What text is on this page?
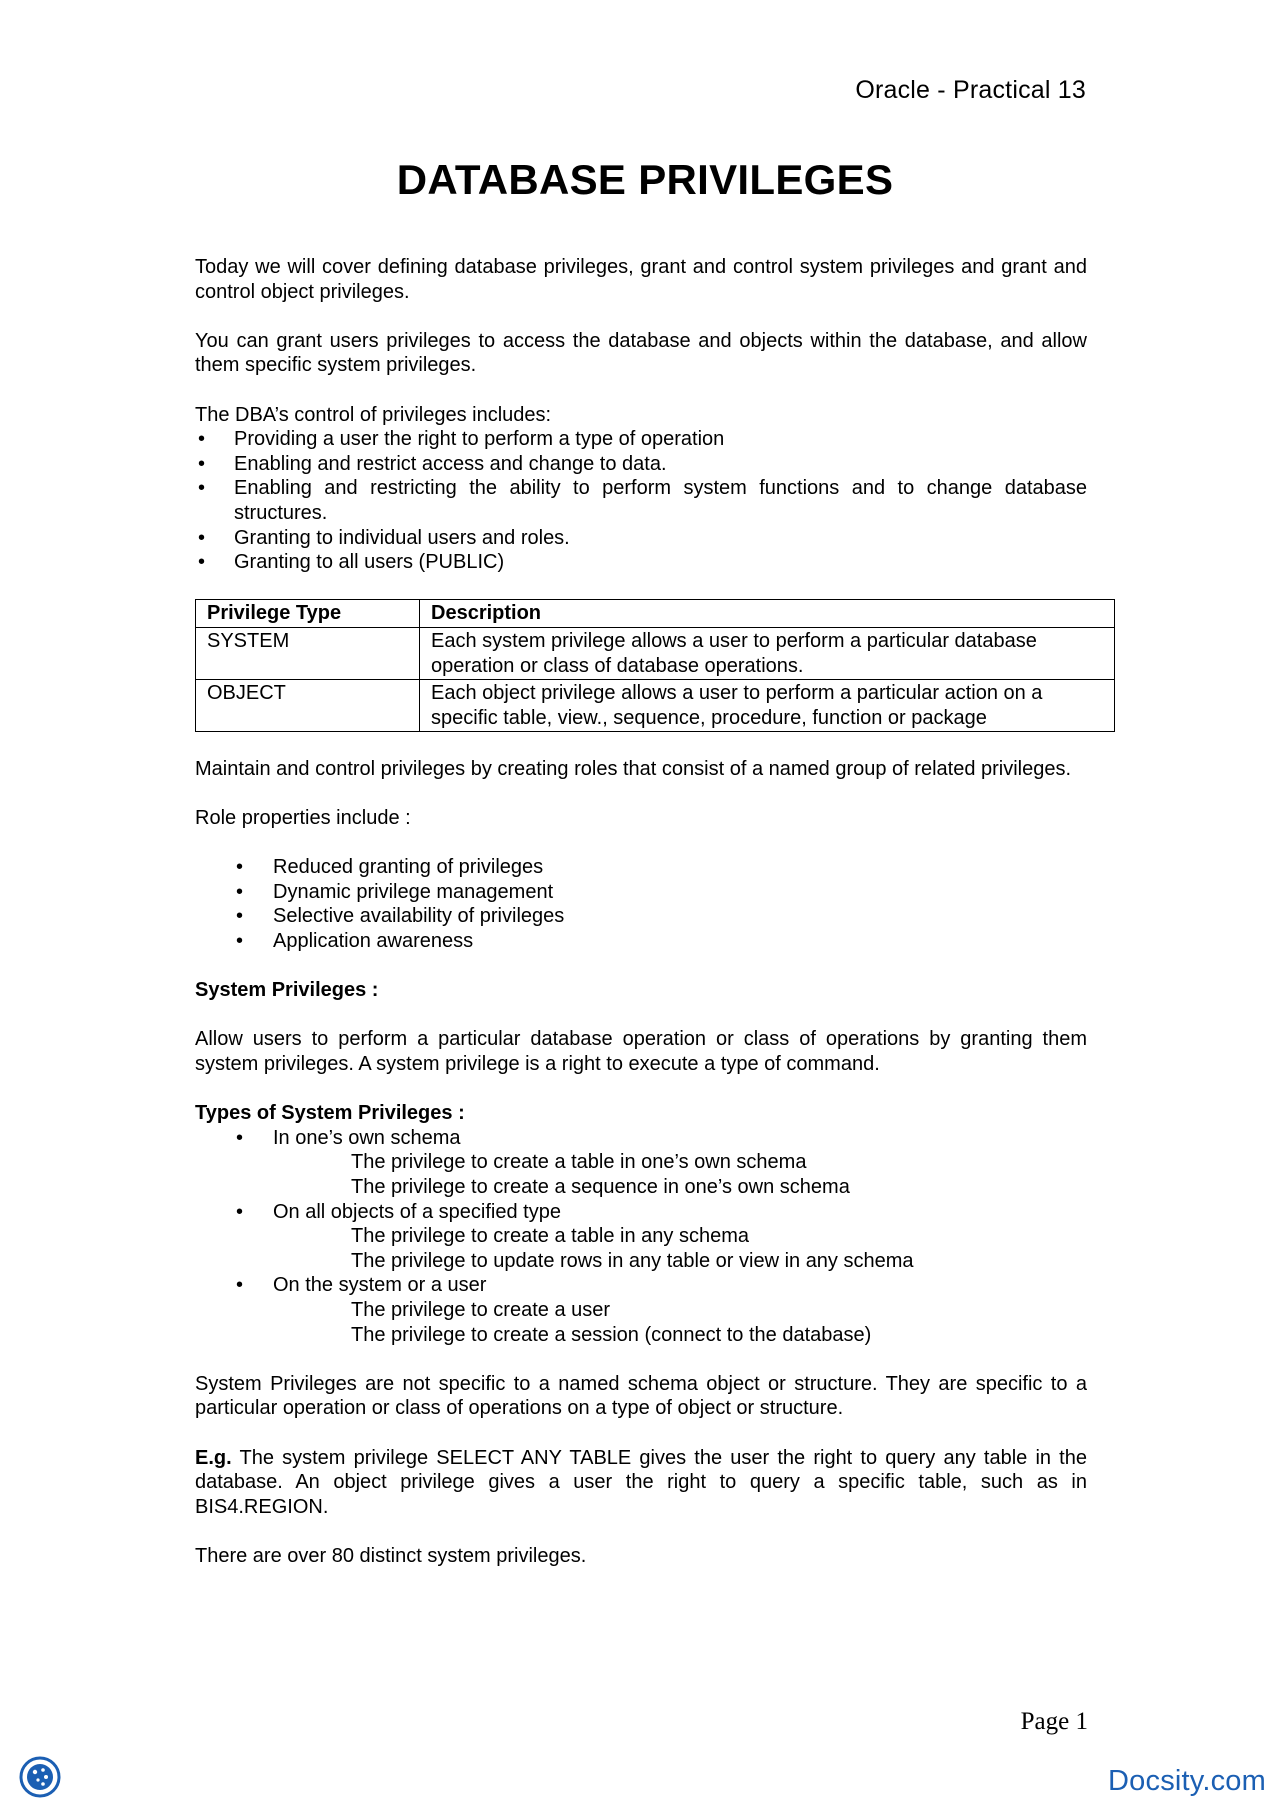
Oracle - Practical 13
DATABASE PRIVILEGES

Today we will cover defining database privileges, grant and control system privileges and grant and control object privileges.

You can grant users privileges to access the database and objects within the database, and allow them specific system privileges.

The DBA’s control of privileges includes:

• Providing a user the right to perform a type of operation
• Enabling and restrict access and change to data.
• Enabling and restricting the ability to perform system functions and to change database structures.
• Granting to individual users and roles.
• Granting to all users (PUBLIC)
Privilege Type	Description
SYSTEM	Each system privilege allows a user to perform a particular database operation or class of database operations.
OBJECT	Each object privilege allows a user to perform a particular action on a specific table, view., sequence, procedure, function or package

Maintain and control privileges by creating roles that consist of a named group of related privileges.

Role properties include :

• Reduced granting of privileges
• Dynamic privilege management
• Selective availability of privileges
• Application awareness

System Privileges :

Allow users to perform a particular database operation or class of operations by granting them system privileges. A system privilege is a right to execute a type of command.

Types of System Privileges :

• In one’s own schema
The privilege to create a table in one’s own schema
The privilege to create a sequence in one’s own schema
• On all objects of a specified type
The privilege to create a table in any schema
The privilege to update rows in any table or view in any schema
• On the system or a user
The privilege to create a user
The privilege to create a session (connect to the database)

System Privileges are not specific to a named schema object or structure. They are specific to a particular operation or class of operations on a type of object or structure.

E.g. The system privilege SELECT ANY TABLE gives the user the right to query any table in the database. An object privilege gives a user the right to query a specific table, such as in BIS4.REGION.

There are over 80 distinct system privileges.

Page 1
Docsity.com
